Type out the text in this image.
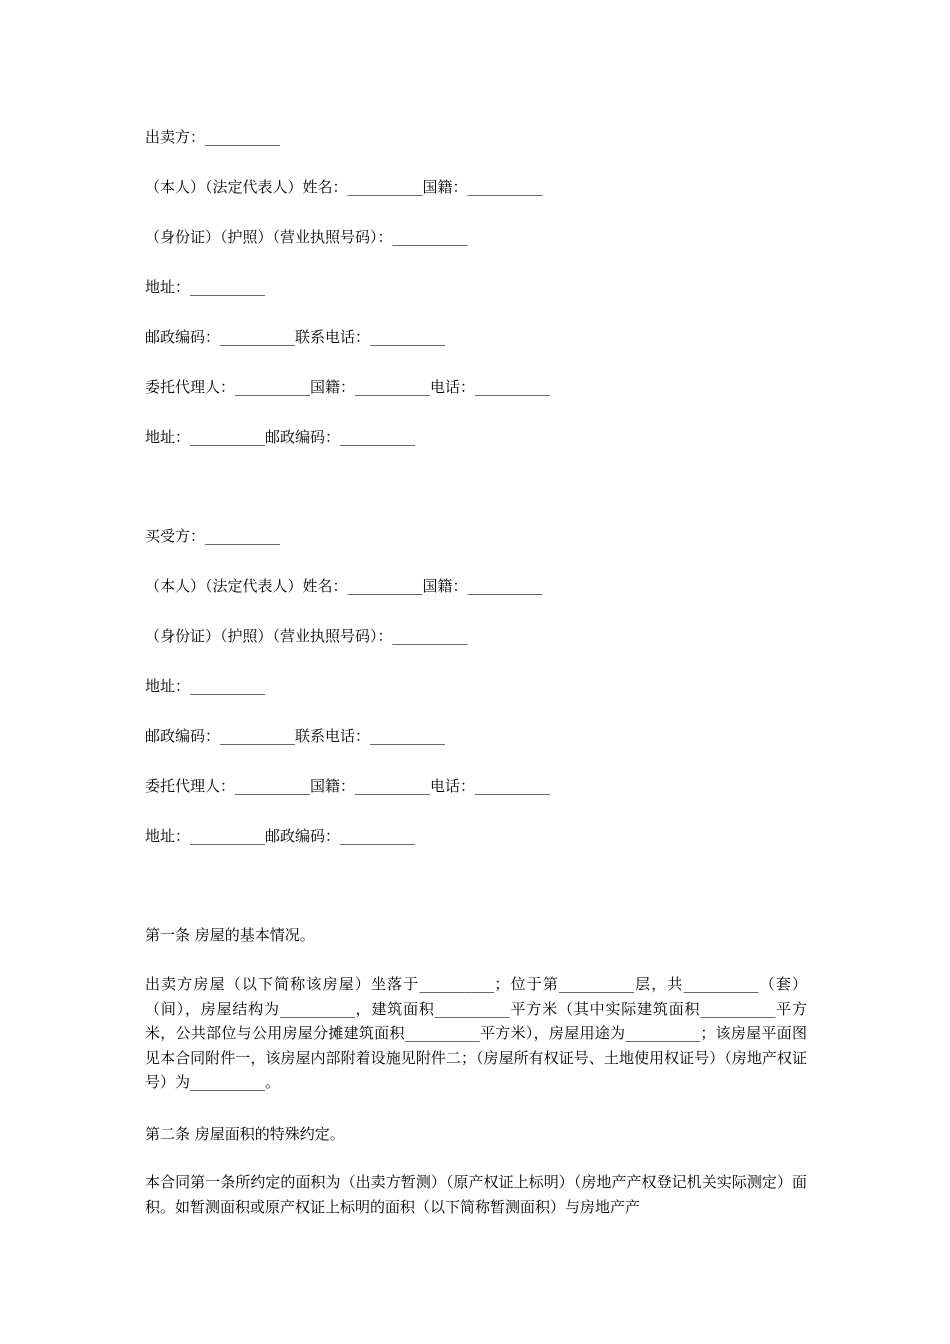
出卖方：__________
（本人）（法定代表人）姓名：__________国籍：__________
（身份证）（护照）（营业执照号码）：__________
地址：__________
邮政编码：__________联系电话：__________
委托代理人：__________国籍：__________电话：__________
地址：__________邮政编码：__________
买受方：__________
（本人）（法定代表人）姓名：__________国籍：__________
（身份证）（护照）（营业执照号码）：__________
地址：__________
邮政编码：__________联系电话：__________
委托代理人：__________国籍：__________电话：__________
地址：__________邮政编码：__________
第一条 房屋的基本情况。
出卖方房屋（以下简称该房屋）坐落于__________；位于第__________层，共__________（套）（间），房屋结构为__________，建筑面积__________平方米（其中实际建筑面积__________平方米，公共部位与公用房屋分摊建筑面积__________平方米），房屋用途为__________；该房屋平面图见本合同附件一，该房屋内部附着设施见附件二；（房屋所有权证号、土地使用权证号）（房地产权证号）为__________。
第二条 房屋面积的特殊约定。
本合同第一条所约定的面积为（出卖方暂测）（原产权证上标明）（房地产产权登记机关实际测定）面积。如暂测面积或原产权证上标明的面积（以下简称暂测面积）与房地产产
